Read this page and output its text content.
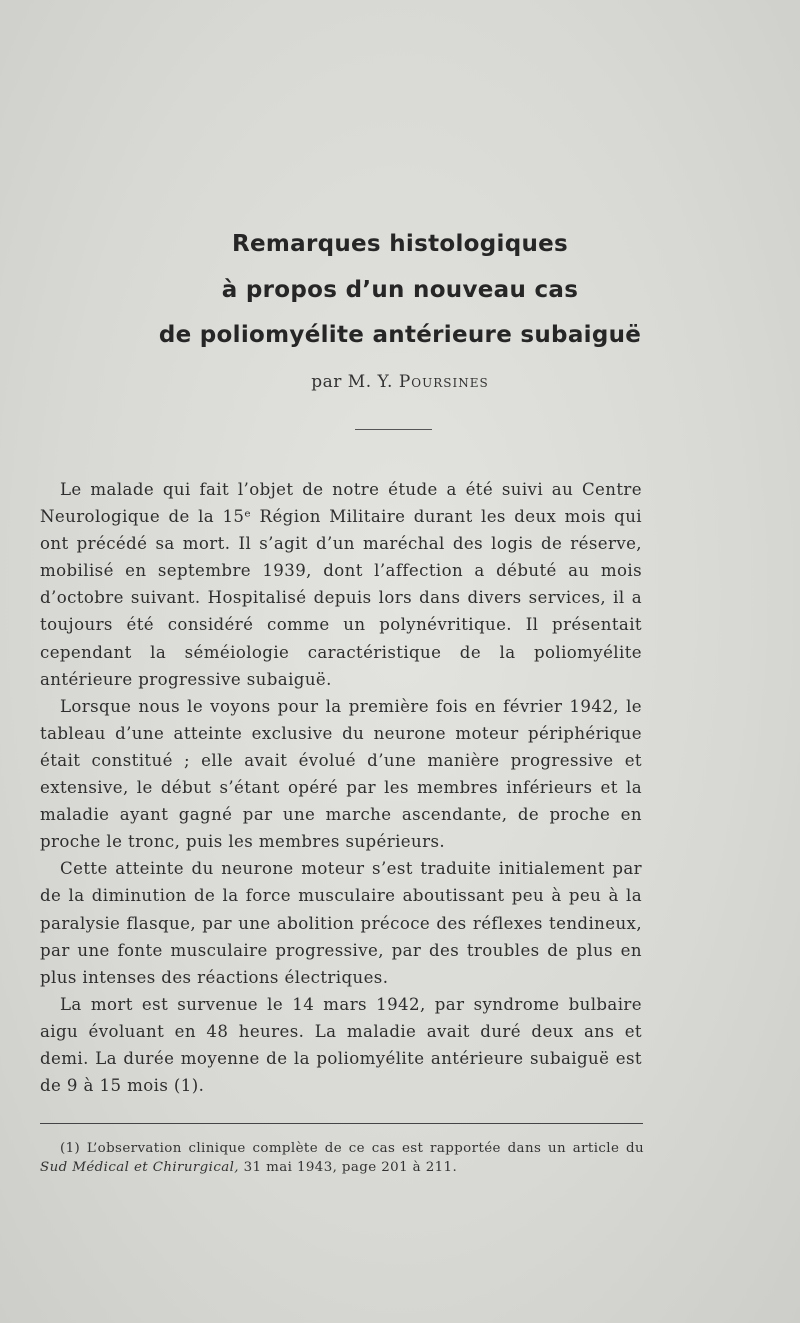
Remarques histologiques
à propos d’un nouveau cas
de poliomyélite antérieure subaiguë
par M. Y. Poursines

Le malade qui fait l’objet de notre étude a été suivi au Centre Neurologique de la 15ᵉ Région Militaire durant les deux mois qui ont précédé sa mort. Il s’agit d’un maréchal des logis de réserve, mobilisé en septembre 1939, dont l’affection a débuté au mois d’octobre suivant. Hospitalisé depuis lors dans divers services, il a toujours été considéré comme un polynévritique. Il présentait cependant la séméiologie caractéristique de la poliomyélite antérieure progressive subaiguë.

Lorsque nous le voyons pour la première fois en février 1942, le tableau d’une atteinte exclusive du neurone moteur périphérique était constitué ; elle avait évolué d’une manière progressive et extensive, le début s’étant opéré par les membres inférieurs et la maladie ayant gagné par une marche ascendante, de proche en proche le tronc, puis les membres supérieurs.

Cette atteinte du neurone moteur s’est traduite initialement par de la diminution de la force musculaire aboutissant peu à peu à la paralysie flasque, par une abolition précoce des réflexes tendineux, par une fonte musculaire progressive, par des troubles de plus en plus intenses des réactions électriques.

La mort est survenue le 14 mars 1942, par syndrome bulbaire aigu évoluant en 48 heures. La maladie avait duré deux ans et demi. La durée moyenne de la poliomyélite antérieure subaiguë est de 9 à 15 mois (1).

(1) L’observation clinique complète de ce cas est rapportée dans un article du Sud Médical et Chirurgical, 31 mai 1943, page 201 à 211.
